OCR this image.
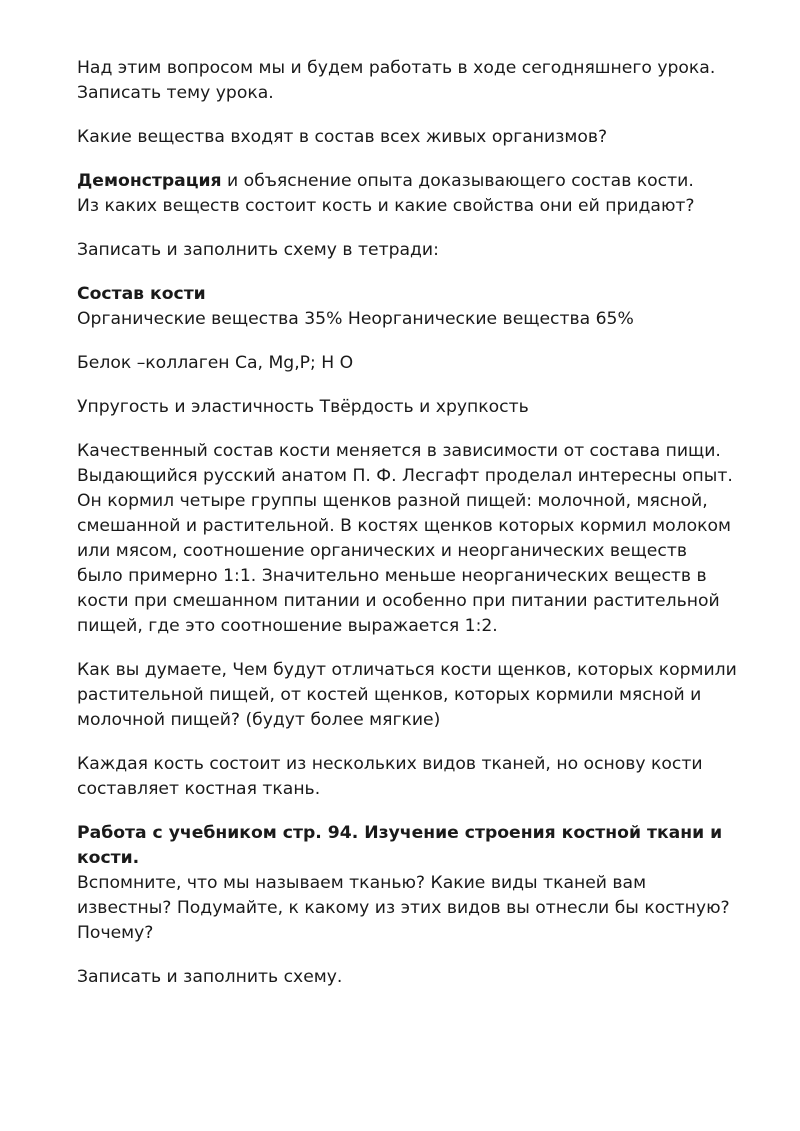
Над этим вопросом мы и будем работать в ходе сегодняшнего урока.
Записать тему урока.
Какие вещества входят в состав всех живых организмов?
Демонстрация и объяснение опыта доказывающего состав кости.
Из каких веществ состоит кость и какие свойства они ей придают?
Записать и заполнить схему в тетради:
Состав кости
Органические вещества 35% Неорганические вещества 65%
Белок –коллаген Ca, Mg,P; H O
Упругость и эластичность Твёрдость и хрупкость
Качественный состав кости меняется в зависимости от состава пищи.
Выдающийся русский анатом П. Ф. Лесгафт проделал интересны опыт.
Он кормил четыре группы щенков разной пищей: молочной, мясной,
смешанной и растительной. В костях щенков которых кормил молоком
или мясом, соотношение органических и неорганических веществ
было примерно 1:1. Значительно меньше неорганических веществ в
кости при смешанном питании и особенно при питании растительной
пищей, где это соотношение выражается 1:2.
Как вы думаете, Чем будут отличаться кости щенков, которых кормили
растительной пищей, от костей щенков, которых кормили мясной и
молочной пищей? (будут более мягкие)
Каждая кость состоит из нескольких видов тканей, но основу кости
составляет костная ткань.
Работа с учебником стр. 94. Изучение строения костной ткани и
кости.
Вспомните, что мы называем тканью? Какие виды тканей вам
известны? Подумайте, к какому из этих видов вы отнесли бы костную?
Почему?
Записать и заполнить схему.
